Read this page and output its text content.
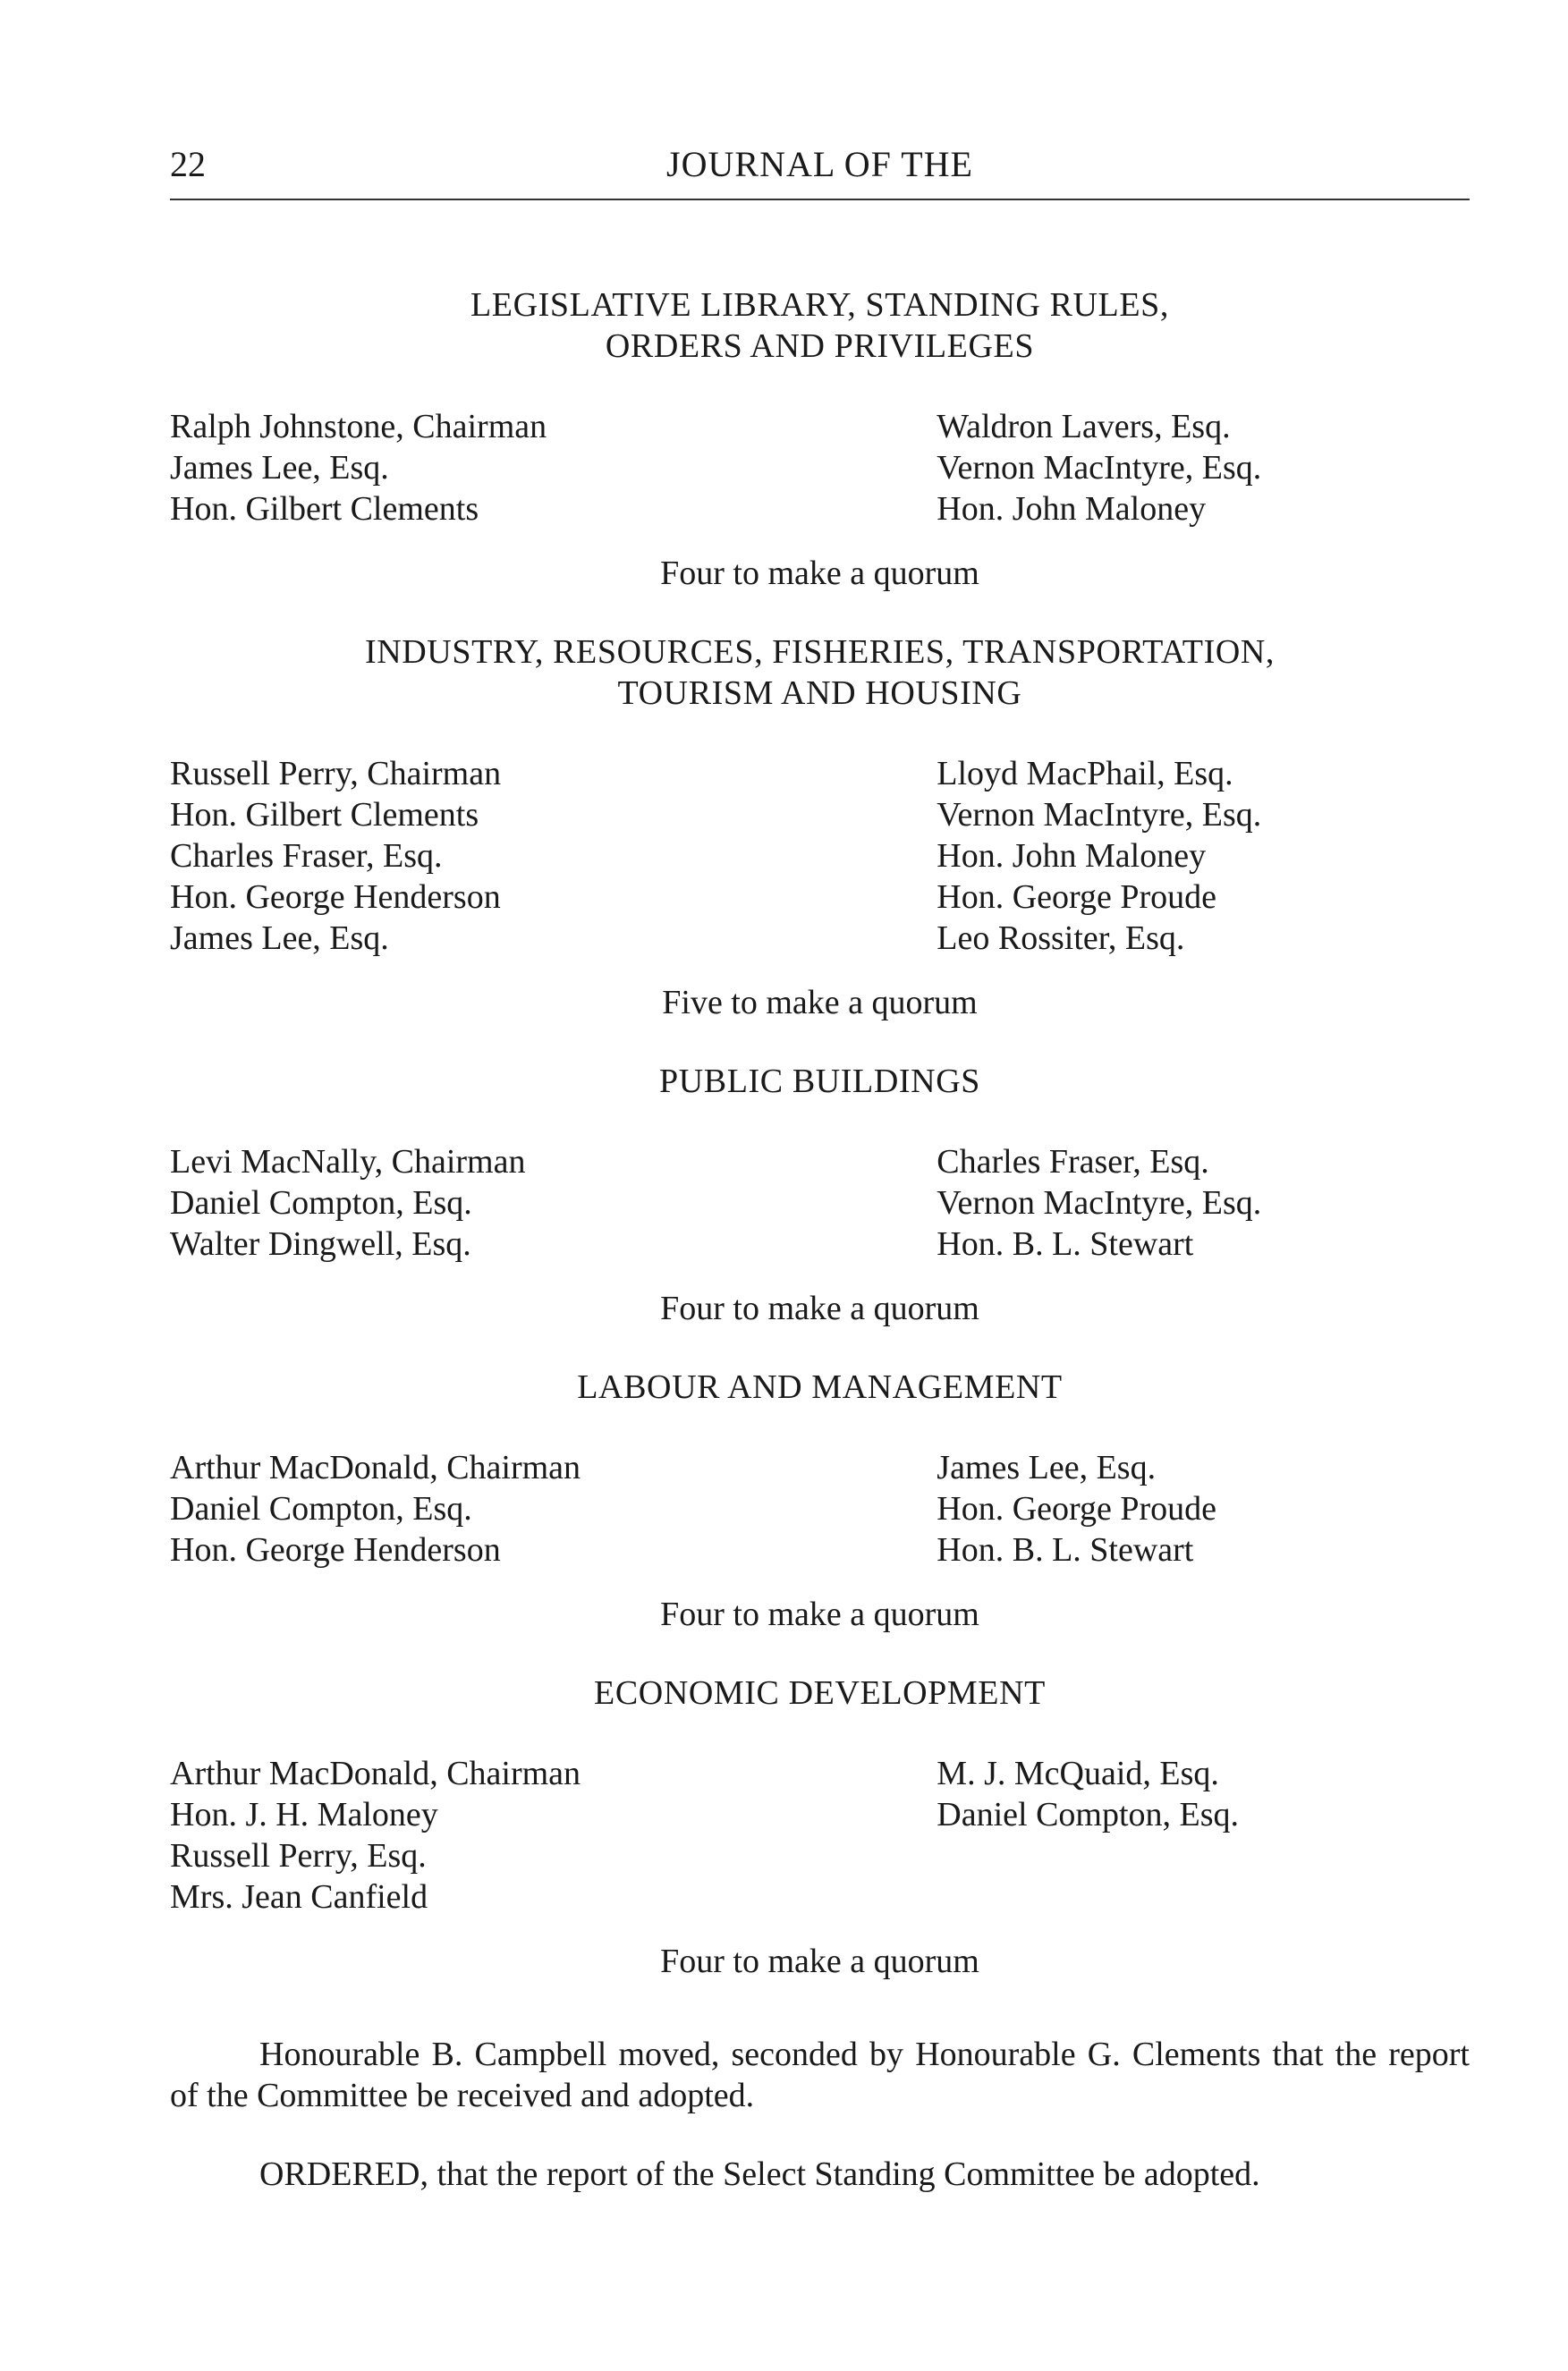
22	JOURNAL OF THE
LEGISLATIVE LIBRARY, STANDING RULES,
ORDERS AND PRIVILEGES
Ralph Johnstone, Chairman
James Lee, Esq.
Hon. Gilbert Clements
Waldron Lavers, Esq.
Vernon MacIntyre, Esq.
Hon. John Maloney
Four to make a quorum
INDUSTRY, RESOURCES, FISHERIES, TRANSPORTATION,
TOURISM AND HOUSING
Russell Perry, Chairman
Hon. Gilbert Clements
Charles Fraser, Esq.
Hon. George Henderson
James Lee, Esq.
Lloyd MacPhail, Esq.
Vernon MacIntyre, Esq.
Hon. John Maloney
Hon. George Proude
Leo Rossiter, Esq.
Five to make a quorum
PUBLIC BUILDINGS
Levi MacNally, Chairman
Daniel Compton, Esq.
Walter Dingwell, Esq.
Charles Fraser, Esq.
Vernon MacIntyre, Esq.
Hon. B. L. Stewart
Four to make a quorum
LABOUR AND MANAGEMENT
Arthur MacDonald, Chairman
Daniel Compton, Esq.
Hon. George Henderson
James Lee, Esq.
Hon. George Proude
Hon. B. L. Stewart
Four to make a quorum
ECONOMIC DEVELOPMENT
Arthur MacDonald, Chairman
Hon. J. H. Maloney
Russell Perry, Esq.
Mrs. Jean Canfield
M. J. McQuaid, Esq.
Daniel Compton, Esq.
Four to make a quorum

Honourable B. Campbell moved, seconded by Honourable G. Clements that the report of the Committee be received and adopted.

ORDERED, that the report of the Select Standing Committee be adopted.
